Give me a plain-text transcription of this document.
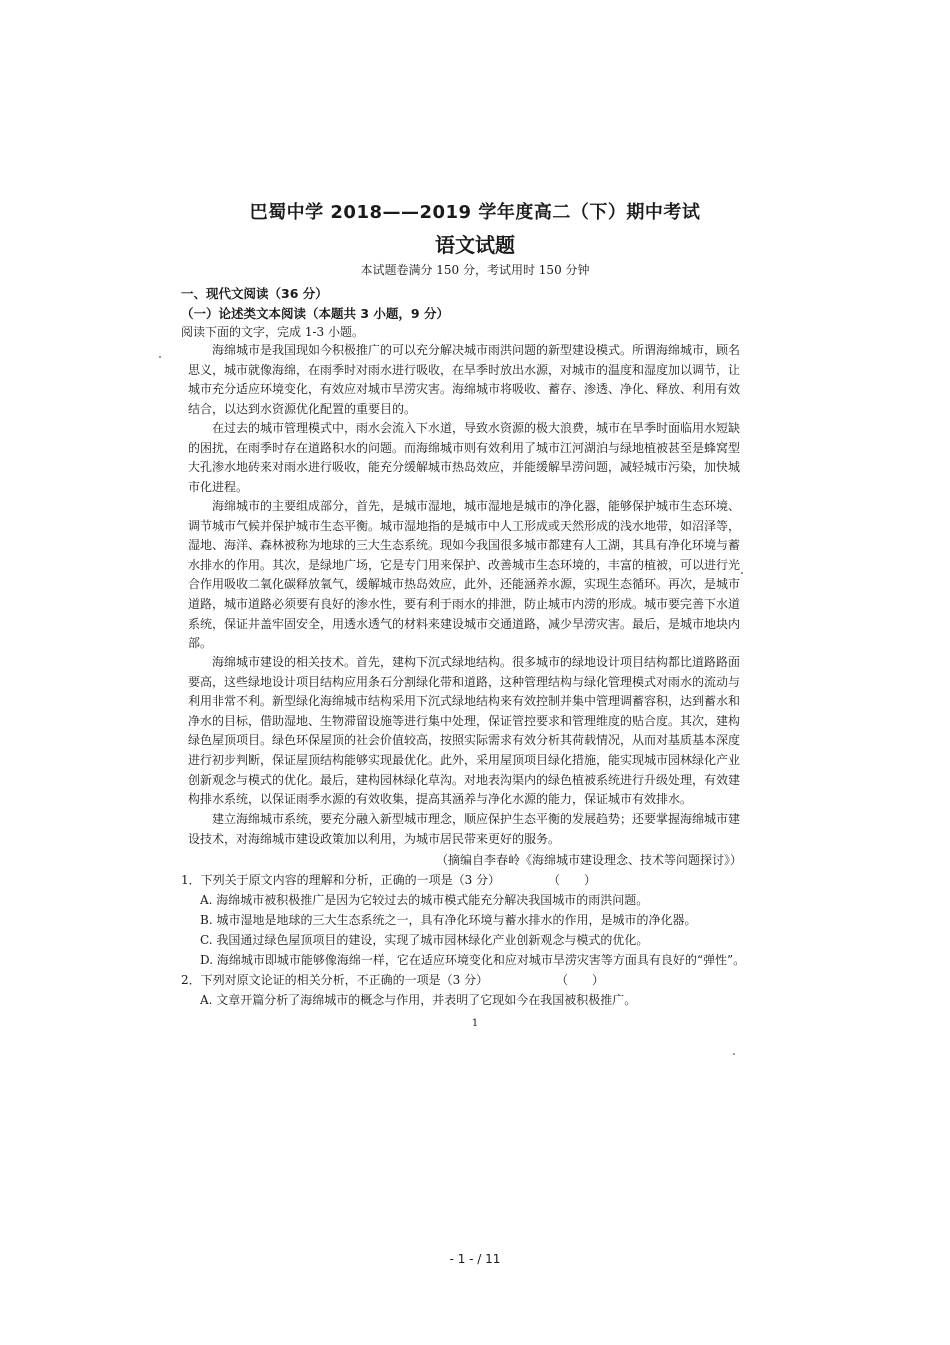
巴蜀中学 2018——2019 学年度高二（下）期中考试
语文试题
本试题卷满分 150 分，考试用时 150 分钟
一、现代文阅读（36 分）
（一）论述类文本阅读（本题共 3 小题，9 分）
阅读下面的文字，完成 1-3 小题。
海绵城市是我国现如今积极推广的可以充分解决城市雨洪问题的新型建设模式。所谓海绵城市，顾名思义，城市就像海绵，在雨季时对雨水进行吸收，在旱季时放出水源，对城市的温度和湿度加以调节，让城市充分适应环境变化，有效应对城市旱涝灾害。海绵城市将吸收、蓄存、渗透、净化、释放、利用有效结合，以达到水资源优化配置的重要目的。
在过去的城市管理模式中，雨水会流入下水道，导致水资源的极大浪费，城市在旱季时面临用水短缺的困扰，在雨季时存在道路积水的问题。而海绵城市则有效利用了城市江河湖泊与绿地植被甚至是蜂窝型大孔渗水地砖来对雨水进行吸收，能充分缓解城市热岛效应，并能缓解旱涝问题，减轻城市污染，加快城市化进程。
海绵城市的主要组成部分，首先，是城市湿地，城市湿地是城市的净化器，能够保护城市生态环境、调节城市气候并保护城市生态平衡。城市湿地指的是城市中人工形成或天然形成的浅水地带，如沼泽等，湿地、海洋、森林被称为地球的三大生态系统。现如今我国很多城市都建有人工湖，其具有净化环境与蓄水排水的作用。其次，是绿地广场，它是专门用来保护、改善城市生态环境的，丰富的植被，可以进行光合作用吸收二氧化碳释放氧气，缓解城市热岛效应，此外，还能涵养水源，实现生态循环。再次，是城市道路，城市道路必须要有良好的渗水性，要有利于雨水的排泄，防止城市内涝的形成。城市要完善下水道系统，保证井盖牢固安全，用透水透气的材料来建设城市交通道路，减少旱涝灾害。最后，是城市地块内部。
海绵城市建设的相关技术。首先，建构下沉式绿地结构。很多城市的绿地设计项目结构都比道路路面要高，这些绿地设计项目结构应用条石分割绿化带和道路，这种管理结构与绿化管理模式对雨水的流动与利用非常不利。新型绿化海绵城市结构采用下沉式绿地结构来有效控制并集中管理调蓄容积，达到蓄水和净水的目标，借助湿地、生物滞留设施等进行集中处理，保证管控要求和管理维度的贴合度。其次，建构绿色屋顶项目。绿色环保屋顶的社会价值较高，按照实际需求有效分析其荷载情况，从而对基质基本深度进行初步判断，保证屋顶结构能够实现最优化。此外，采用屋顶项目绿化措施，能实现城市园林绿化产业创新观念与模式的优化。最后，建构园林绿化草沟。对地表沟渠内的绿色植被系统进行升级处理，有效建构排水系统，以保证雨季水源的有效收集，提高其涵养与净化水源的能力，保证城市有效排水。
建立海绵城市系统，要充分融入新型城市理念，顺应保护生态平衡的发展趋势；还要掌握海绵城市建设技术，对海绵城市建设政策加以利用，为城市居民带来更好的服务。
（摘编自李春岭《海绵城市建设理念、技术等问题探讨》）
1．下列关于原文内容的理解和分析，正确的一项是（3 分）	（　　）
A. 海绵城市被积极推广是因为它较过去的城市模式能充分解决我国城市的雨洪问题。
B. 城市湿地是地球的三大生态系统之一，具有净化环境与蓄水排水的作用，是城市的净化器。
C. 我国通过绿色屋顶项目的建设，实现了城市园林绿化产业创新观念与模式的优化。
D. 海绵城市即城市能够像海绵一样，它在适应环境变化和应对城市旱涝灾害等方面具有良好的“弹性”。
2．下列对原文论证的相关分析，不正确的一项是（3 分）	（　　）
A. 文章开篇分析了海绵城市的概念与作用，并表明了它现如今在我国被积极推广。
1
- 1 - / 11
